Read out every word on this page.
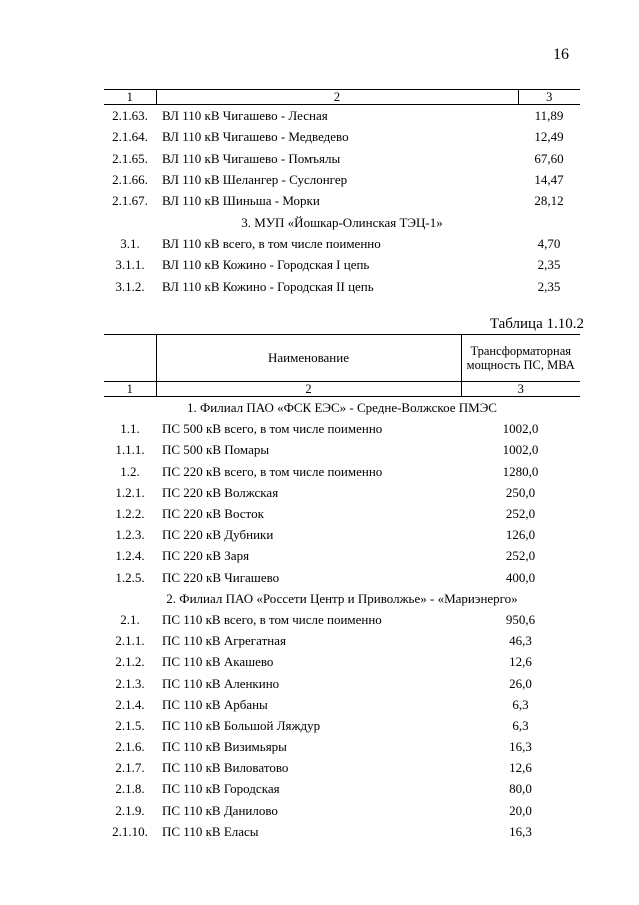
16
1	2	3
2.1.63.	ВЛ 110 кВ Чигашево - Лесная	11,89
2.1.64.	ВЛ 110 кВ Чигашево - Медведево	12,49
2.1.65.	ВЛ 110 кВ Чигашево - Помъялы	67,60
2.1.66.	ВЛ 110 кВ Шелангер - Суслонгер	14,47
2.1.67.	ВЛ 110 кВ Шиньша - Морки	28,12
3. МУП «Йошкар-Олинская ТЭЦ-1»		
3.1.	ВЛ 110 кВ всего, в том числе поименно	4,70
3.1.1.	ВЛ 110 кВ Кожино - Городская I цепь	2,35
3.1.2.	ВЛ 110 кВ Кожино - Городская II цепь	2,35
Таблица 1.10.2
	Наименование	Трансформаторная мощность ПС, МВА
1	2	3
1. Филиал ПАО «ФСК ЕЭС» - Средне-Волжское ПМЭС		
1.1.	ПС 500 кВ всего, в том числе поименно	1002,0
1.1.1.	ПС 500 кВ Помары	1002,0
1.2.	ПС 220 кВ всего, в том числе поименно	1280,0
1.2.1.	ПС 220 кВ Волжская	250,0
1.2.2.	ПС 220 кВ Восток	252,0
1.2.3.	ПС 220 кВ Дубники	126,0
1.2.4.	ПС 220 кВ Заря	252,0
1.2.5.	ПС 220 кВ Чигашево	400,0
2. Филиал ПАО «Россети Центр и Приволжье» - «Мариэнерго»		
2.1.	ПС 110 кВ всего, в том числе поименно	950,6
2.1.1.	ПС 110 кВ Агрегатная	46,3
2.1.2.	ПС 110 кВ Акашево	12,6
2.1.3.	ПС 110 кВ Аленкино	26,0
2.1.4.	ПС 110 кВ Арбаны	6,3
2.1.5.	ПС 110 кВ Большой Ляждур	6,3
2.1.6.	ПС 110 кВ Визимьяры	16,3
2.1.7.	ПС 110 кВ Виловатово	12,6
2.1.8.	ПС 110 кВ Городская	80,0
2.1.9.	ПС 110 кВ Данилово	20,0
2.1.10.	ПС 110 кВ Еласы	16,3
